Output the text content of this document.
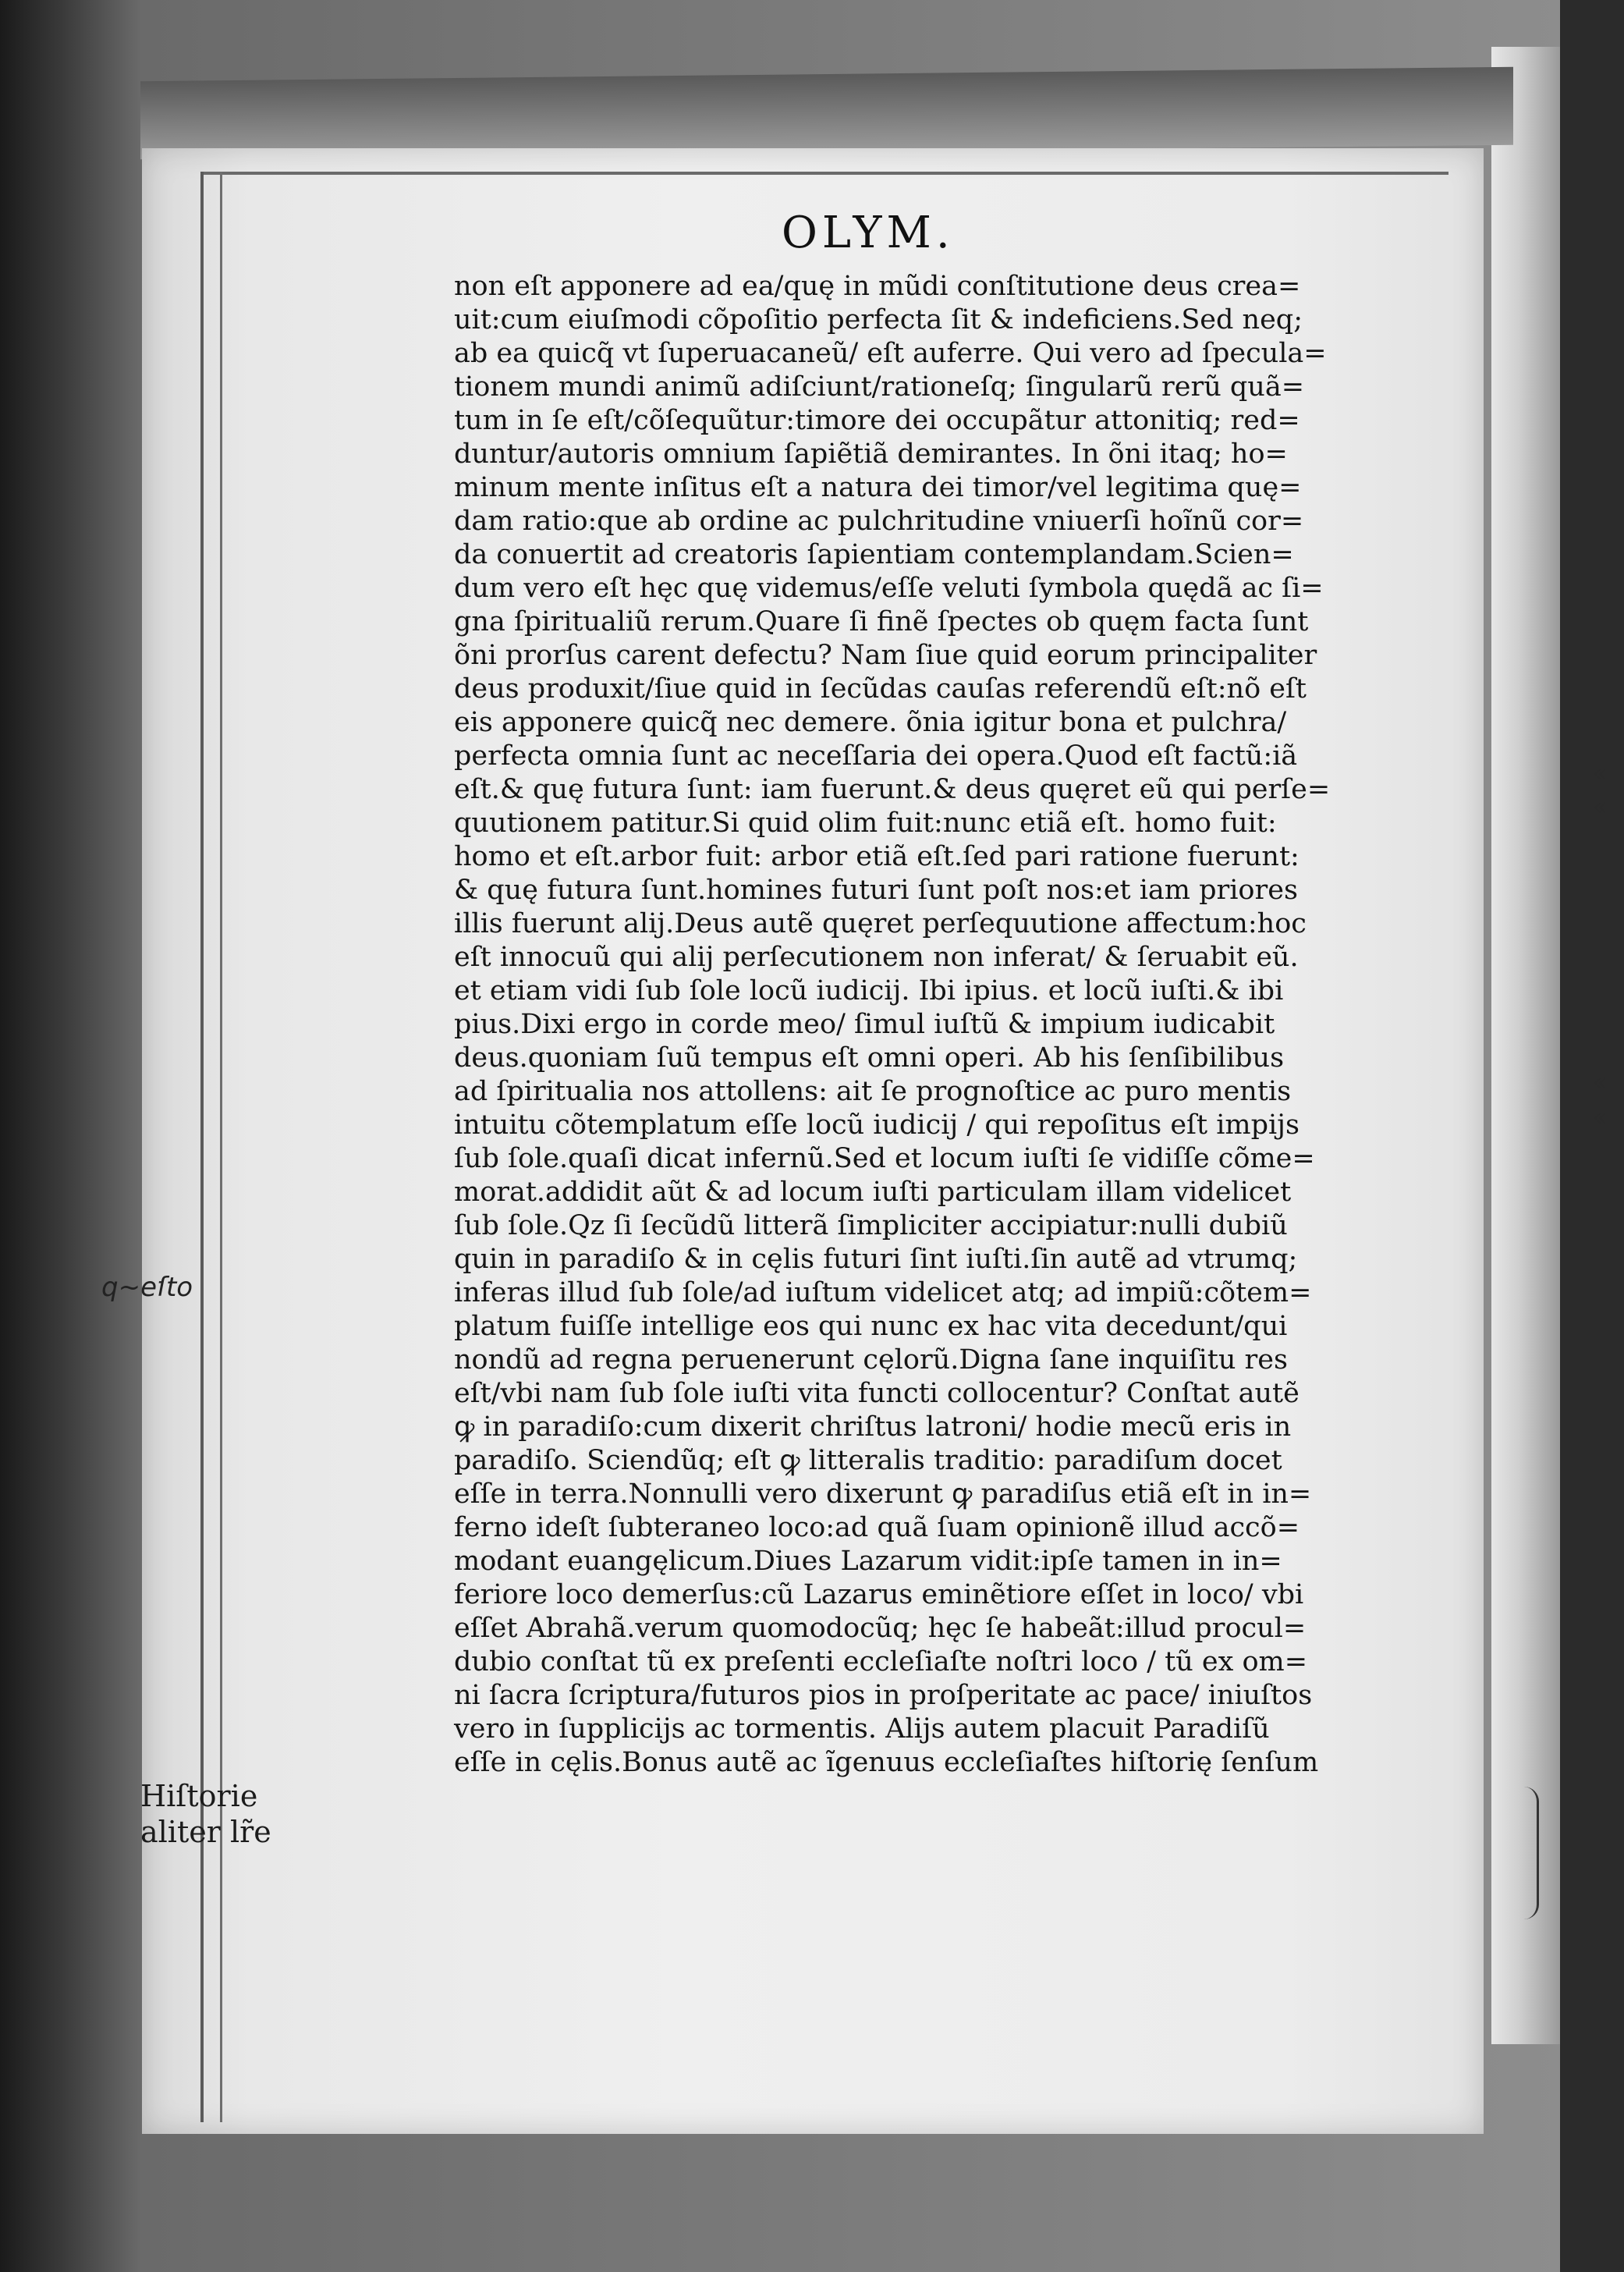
OLYM.
non eſt apponere ad ea/quę in mũdi conſtitutione deus crea=
uit:cum eiuſmodi cõpoſitio perfecta ſit & indeficiens.Sed neq;
ab ea quicq̃ vt ſuperuacaneũ/ eſt auferre. Qui vero ad ſpecula=
tionem mundi animũ adiſciunt/rationeſq; ſingularũ rerũ quã=
tum in ſe eſt/cõſequũtur:timore dei occupãtur attonitiq; red=
duntur/autoris omnium ſapiẽtiã demirantes. In õni itaq; ho=
minum mente inſitus eſt a natura dei timor/vel legitima quę=
dam ratio:que ab ordine ac pulchritudine vniuerſi hoĩnũ cor=
da conuertit ad creatoris ſapientiam contemplandam.Scien=
dum vero eſt hęc quę videmus/eſſe veluti ſymbola quędã ac ſi=
gna ſpiritualiũ rerum.Quare ſi finẽ ſpectes ob quęm facta ſunt
õni prorſus carent defectu? Nam ſiue quid eorum principaliter
deus produxit/ſiue quid in ſecũdas cauſas referendũ eſt:nõ eſt
eis apponere quicq̃ nec demere. õnia igitur bona et pulchra/
perfecta omnia ſunt ac neceſſaria dei opera.Quod eſt factũ:iã
eſt.& quę futura ſunt: iam fuerunt.& deus quęret eũ qui perſe=
quutionem patitur.Si quid olim fuit:nunc etiã eſt. homo fuit:
homo et eſt.arbor fuit: arbor etiã eſt.ſed pari ratione fuerunt:
& quę futura ſunt.homines futuri ſunt poſt nos:et iam priores
illis fuerunt alij.Deus autẽ quęret perſequutione affectum:hoc
eſt innocuũ qui alij perſecutionem non inferat/ & ſeruabit eũ.
et etiam vidi ſub ſole locũ iudicij. Ibi ipius. et locũ iuſti.& ibi
pius.Dixi ergo in corde meo/ ſimul iuſtũ & impium iudicabit
deus.quoniam ſuũ tempus eſt omni operi. Ab his ſenſibilibus
ad ſpiritualia nos attollens: ait ſe prognoſtice ac puro mentis
intuitu cõtemplatum eſſe locũ iudicij / qui repoſitus eſt impijs
ſub ſole.quaſi dicat infernũ.Sed et locum iuſti ſe vidiſſe cõme=
morat.addidit aũt & ad locum iuſti particulam illam videlicet
ſub ſole.Qz ſi ſecũdũ litterã ſimpliciter accipiatur:nulli dubiũ
quin in paradiſo & in cęlis futuri ſint iuſti.ſin autẽ ad vtrumq;
inferas illud ſub ſole/ad iuſtum videlicet atq; ad impiũ:cõtem=
platum fuiſſe intellige eos qui nunc ex hac vita decedunt/qui
nondũ ad regna peruenerunt cęlorũ.Digna ſane inquiſitu res
eſt/vbi nam ſub ſole iuſti vita functi collocentur? Conſtat autẽ
ꝙ in paradiſo:cum dixerit chriſtus latroni/ hodie mecũ eris in
paradiſo. Sciendũq; eſt ꝙ litteralis traditio: paradiſum docet
eſſe in terra.Nonnulli vero dixerunt ꝙ paradiſus etiã eſt in in=
ferno ideſt ſubteraneo loco:ad quã ſuam opinionẽ illud accõ=
modant euangęlicum.Diues Lazarum vidit:ipſe tamen in in=
feriore loco demerſus:cũ Lazarus eminẽtiore eſſet in loco/ vbi
eſſet Abrahã.verum quomodocũq; hęc ſe habeãt:illud procul=
dubio conſtat tũ ex preſenti eccleſiaſte noſtri loco / tũ ex om=
ni ſacra ſcriptura/futuros pios in proſperitate ac pace/ iniuſtos
vero in ſupplicijs ac tormentis. Alijs autem placuit Paradiſũ
eſſe in cęlis.Bonus autẽ ac ĩgenuus eccleſiaſtes hiſtorię ſenſum
«
«
«
«
q~eſto
Hiſtorie
aliter lr̃e
